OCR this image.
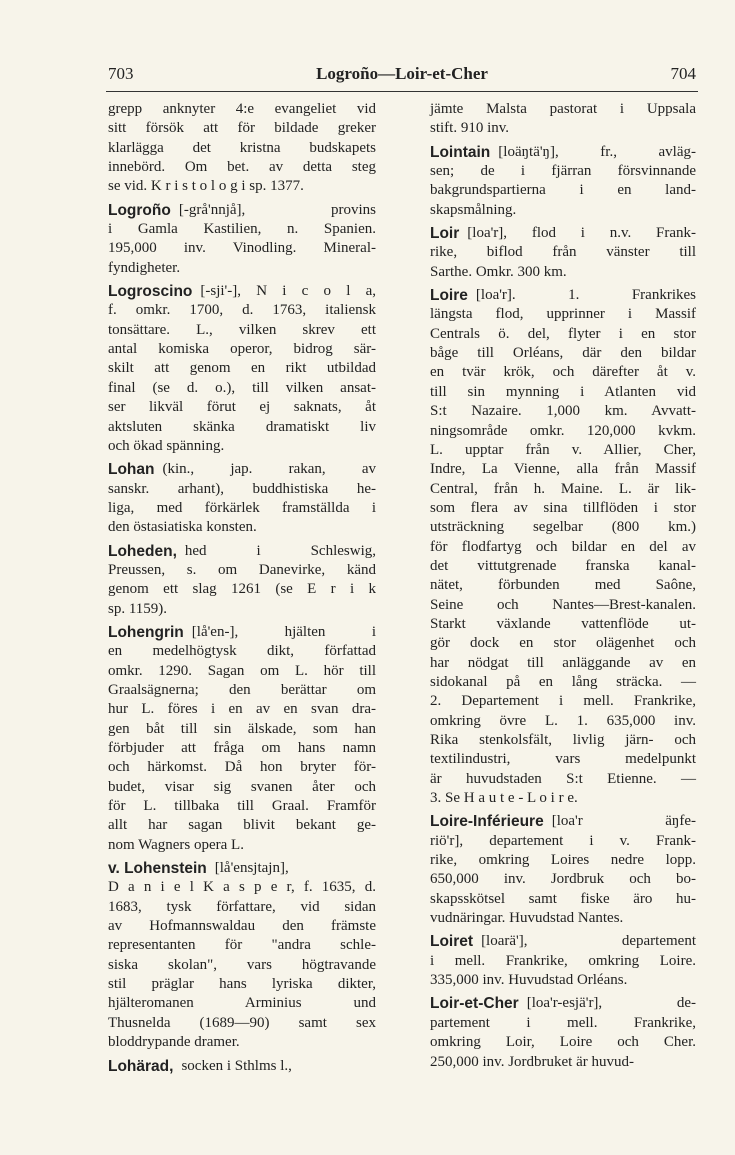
703	Logroño—Loir-et-Cher	704
grepp anknyter 4:e evangeliet vid
sitt försök att för bildade greker
klarlägga det kristna budskapets
innebörd. Om bet. av detta steg
se vid. K r i s t o l o g i sp. 1377.
Logroño [-grå'nnjå], provins
i Gamla Kastilien, n. Spanien.
195,000 inv. Vinodling. Mineral-
fyndigheter.
Logroscino [-sji'-], N i c o l a,
f. omkr. 1700, d. 1763, italiensk
tonsättare. L., vilken skrev ett
antal komiska operor, bidrog sär-
skilt att genom en rikt utbildad
final (se d. o.), till vilken ansat-
ser likväl förut ej saknats, åt
aktsluten skänka dramatiskt liv
och ökad spänning.
Lohan (kin., jap. rakan, av
sanskr. arhant), buddhistiska he-
liga, med förkärlek framställda i
den östasiatiska konsten.
Loheden, hed i Schleswig,
Preussen, s. om Danevirke, känd
genom ett slag 1261 (se E r i k
sp. 1159).
Lohengrin [lå'en-], hjälten i
en medelhögtysk dikt, författad
omkr. 1290. Sagan om L. hör till
Graalsägnerna; den berättar om
hur L. föres i en av en svan dra-
gen båt till sin älskade, som han
förbjuder att fråga om hans namn
och härkomst. Då hon bryter för-
budet, visar sig svanen åter och
för L. tillbaka till Graal. Framför
allt har sagan blivit bekant ge-
nom Wagners opera L.
v. Lohenstein [lå'ensjtajn],
D a n i e l K a s p e r, f. 1635, d.
1683, tysk författare, vid sidan
av Hofmannswaldau den främste
representanten för "andra schle-
siska skolan", vars högtravande
stil präglar hans lyriska dikter,
hjälteromanen Arminius und
Thusnelda (1689—90) samt sex
bloddrypande dramer.
Lohärad, socken i Sthlms l.,
jämte Malsta pastorat i Uppsala
stift. 910 inv.
Lointain [loäŋtä'ŋ], fr., avläg-
sen; de i fjärran försvinnande
bakgrundspartierna i en land-
skapsmålning.
Loir [loa'r], flod i n.v. Frank-
rike, biflod från vänster till
Sarthe. Omkr. 300 km.
Loire [loa'r]. 1. Frankrikes
längsta flod, upprinner i Massif
Centrals ö. del, flyter i en stor
båge till Orléans, där den bildar
en tvär krök, och därefter åt v.
till sin mynning i Atlanten vid
S:t Nazaire. 1,000 km. Avvatt-
ningsområde omkr. 120,000 kvkm.
L. upptar från v. Allier, Cher,
Indre, La Vienne, alla från Massif
Central, från h. Maine. L. är lik-
som flera av sina tillflöden i stor
utsträckning segelbar (800 km.)
för flodfartyg och bildar en del av
det vittutgrenade franska kanal-
nätet, förbunden med Saône,
Seine och Nantes—Brest-kanalen.
Starkt växlande vattenflöde ut-
gör dock en stor olägenhet och
har nödgat till anläggande av en
sidokanal på en lång sträcka. —
2. Departement i mell. Frankrike,
omkring övre L. 1. 635,000 inv.
Rika stenkolsfält, livlig järn- och
textilindustri, vars medelpunkt
är huvudstaden S:t Etienne. —
3. Se H a u t e - L o i r e.
Loire-Inférieure [loa'r äŋfe-
riö'r], departement i v. Frank-
rike, omkring Loires nedre lopp.
650,000 inv. Jordbruk och bo-
skapsskötsel samt fiske äro hu-
vudnäringar. Huvudstad Nantes.
Loiret [loarä'], departement
i mell. Frankrike, omkring Loire.
335,000 inv. Huvudstad Orléans.
Loir-et-Cher [loa'r-esjä'r], de-
partement i mell. Frankrike,
omkring Loir, Loire och Cher.
250,000 inv. Jordbruket är huvud-
